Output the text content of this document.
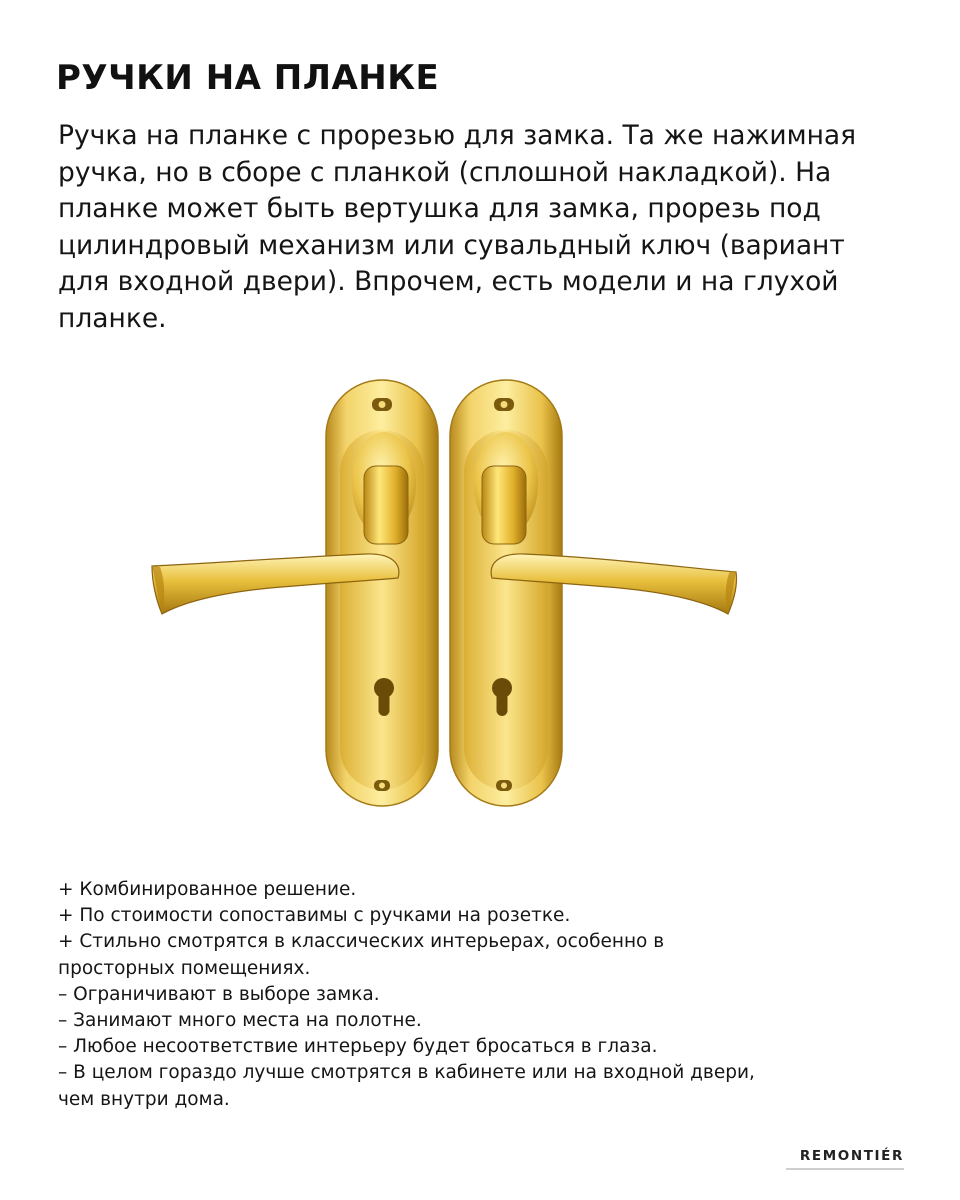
РУЧКИ НА ПЛАНКЕ

Ручка на планке с прорезью для замка. Та же нажимная
ручка, но в сборе с планкой (сплошной накладкой). На
планке может быть вертушка для замка, прорезь под
цилиндровый механизм или сувальдный ключ (вариант
для входной двери). Впрочем, есть модели и на глухой
планке.

+ Комбинированное решение.
+ По стоимости сопоставимы с ручками на розетке.
+ Стильно смотрятся в классических интерьерах, особенно в
просторных помещениях.
– Ограничивают в выборе замка.
– Занимают много места на полотне.
– Любое несоответствие интерьеру будет бросаться в глаза.
– В целом гораздо лучше смотрятся в кабинете или на входной двери,
чем внутри дома.
REMONTIÉR
